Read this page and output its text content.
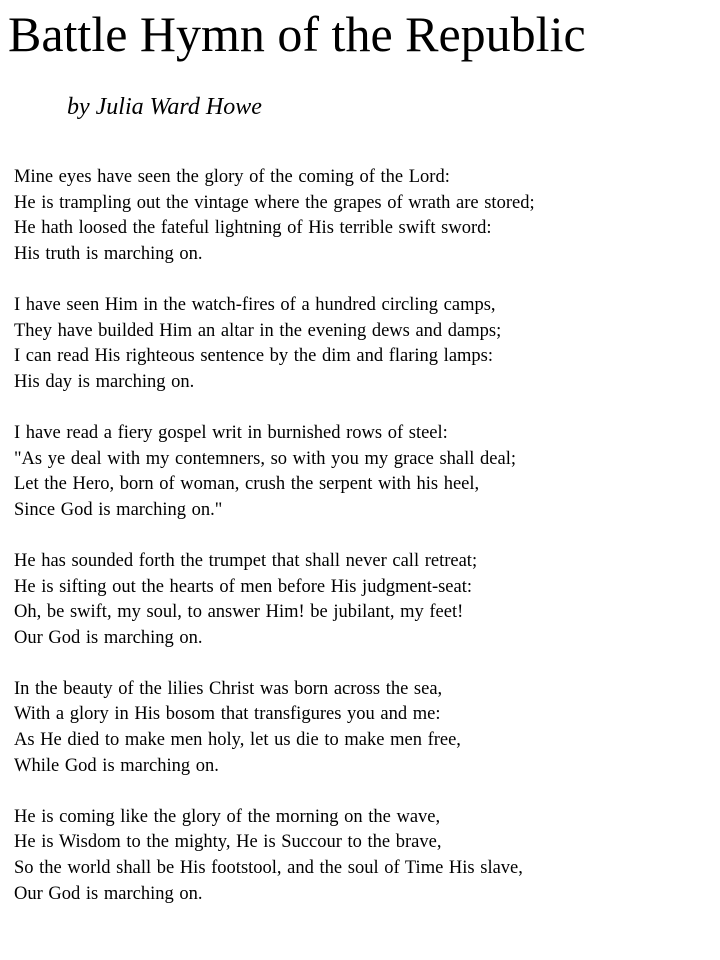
Battle Hymn of the Republic
by Julia Ward Howe
Mine eyes have seen the glory of the coming of the Lord:
He is trampling out the vintage where the grapes of wrath are stored;
He hath loosed the fateful lightning of His terrible swift sword:
His truth is marching on.
I have seen Him in the watch-fires of a hundred circling camps,
They have builded Him an altar in the evening dews and damps;
I can read His righteous sentence by the dim and flaring lamps:
His day is marching on.
I have read a fiery gospel writ in burnished rows of steel:
"As ye deal with my contemners, so with you my grace shall deal;
Let the Hero, born of woman, crush the serpent with his heel,
Since God is marching on."
He has sounded forth the trumpet that shall never call retreat;
He is sifting out the hearts of men before His judgment-seat:
Oh, be swift, my soul, to answer Him! be jubilant, my feet!
Our God is marching on.
In the beauty of the lilies Christ was born across the sea,
With a glory in His bosom that transfigures you and me:
As He died to make men holy, let us die to make men free,
While God is marching on.
He is coming like the glory of the morning on the wave,
He is Wisdom to the mighty, He is Succour to the brave,
So the world shall be His footstool, and the soul of Time His slave,
Our God is marching on.
